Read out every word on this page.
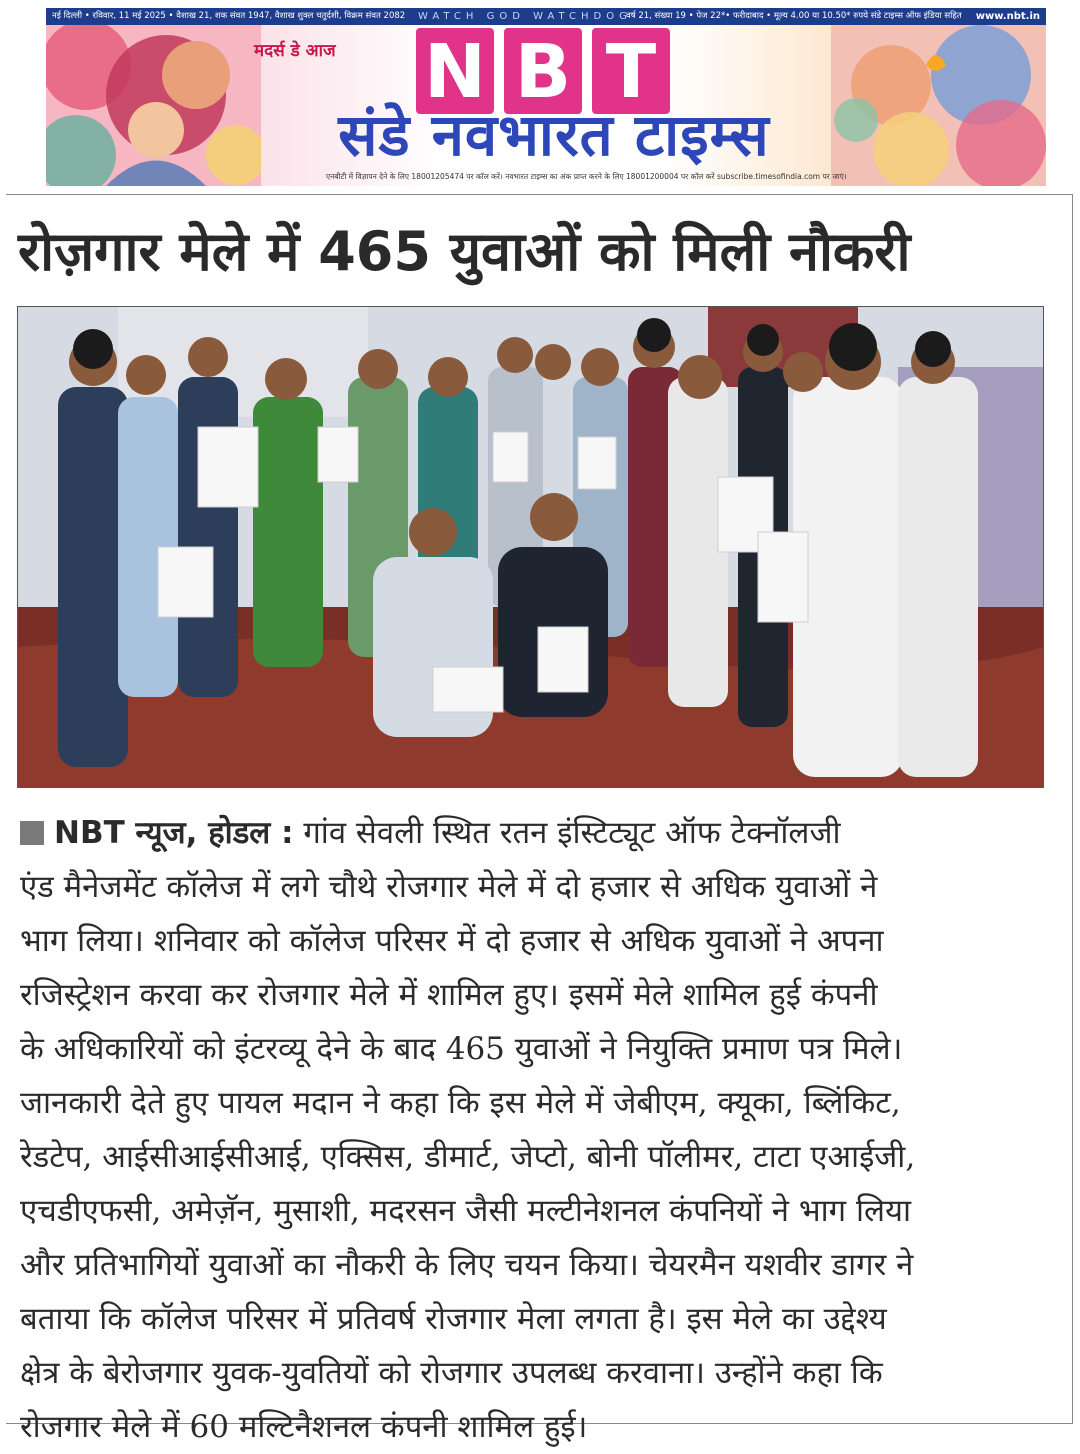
नई दिल्ली • रविवार, 11 मई 2025 • वैशाख 21, शक संवत 1947, वैशाख शुक्ल चतुर्दशी, विक्रम संवत 2082 WATCH GOD WATCHDOG
वर्ष 21, संख्या 19 • पेज 22*• फरीदाबाद • मूल्य 4.00 या 10.50* रुपये संडे टाइम्स ऑफ इंडिया सहित www.nbt.in
मदर्स डे आज N B T
संडे नवभारत टाइम्स
एनबीटी में विज्ञापन देने के लिए 18001205474 पर कॉल करें। नवभारत टाइम्स का अंक प्राप्त करने के लिए 18001200004 पर कॉल करें subscribe.timesofindia.com पर जाएं।
रोज़गार मेले में 465 युवाओं को मिली नौकरी
NBT न्यूज, होडल : गांव सेवली स्थित रतन इंस्टिट्यूट ऑफ टेक्नॉलजी
एंड मैनेजमेंट कॉलेज में लगे चौथे रोजगार मेले में दो हजार से अधिक युवाओं ने
भाग लिया। शनिवार को कॉलेज परिसर में दो हजार से अधिक युवाओं ने अपना
रजिस्ट्रेशन करवा कर रोजगार मेले में शामिल हुए। इसमें मेले शामिल हुई कंपनी
के अधिकारियों को इंटरव्यू देने के बाद 465 युवाओं ने नियुक्ति प्रमाण पत्र मिले।
जानकारी देते हुए पायल मदान ने कहा कि इस मेले में जेबीएम, क्यूका, ब्लिंकिट,
रेडटेप, आईसीआईसीआई, एक्सिस, डीमार्ट, जेप्टो, बोनी पॉलीमर, टाटा एआईजी,
एचडीएफसी, अमेज़ॅन, मुसाशी, मदरसन जैसी मल्टीनेशनल कंपनियों ने भाग लिया
और प्रतिभागियों युवाओं का नौकरी के लिए चयन किया। चेयरमैन यशवीर डागर ने
बताया कि कॉलेज परिसर में प्रतिवर्ष रोजगार मेला लगता है। इस मेले का उद्देश्य
क्षेत्र के बेरोजगार युवक-युवतियों को रोजगार उपलब्ध करवाना। उन्होंने कहा कि
रोजगार मेले में 60 मल्टिनैशनल कंपनी शामिल हुई।
